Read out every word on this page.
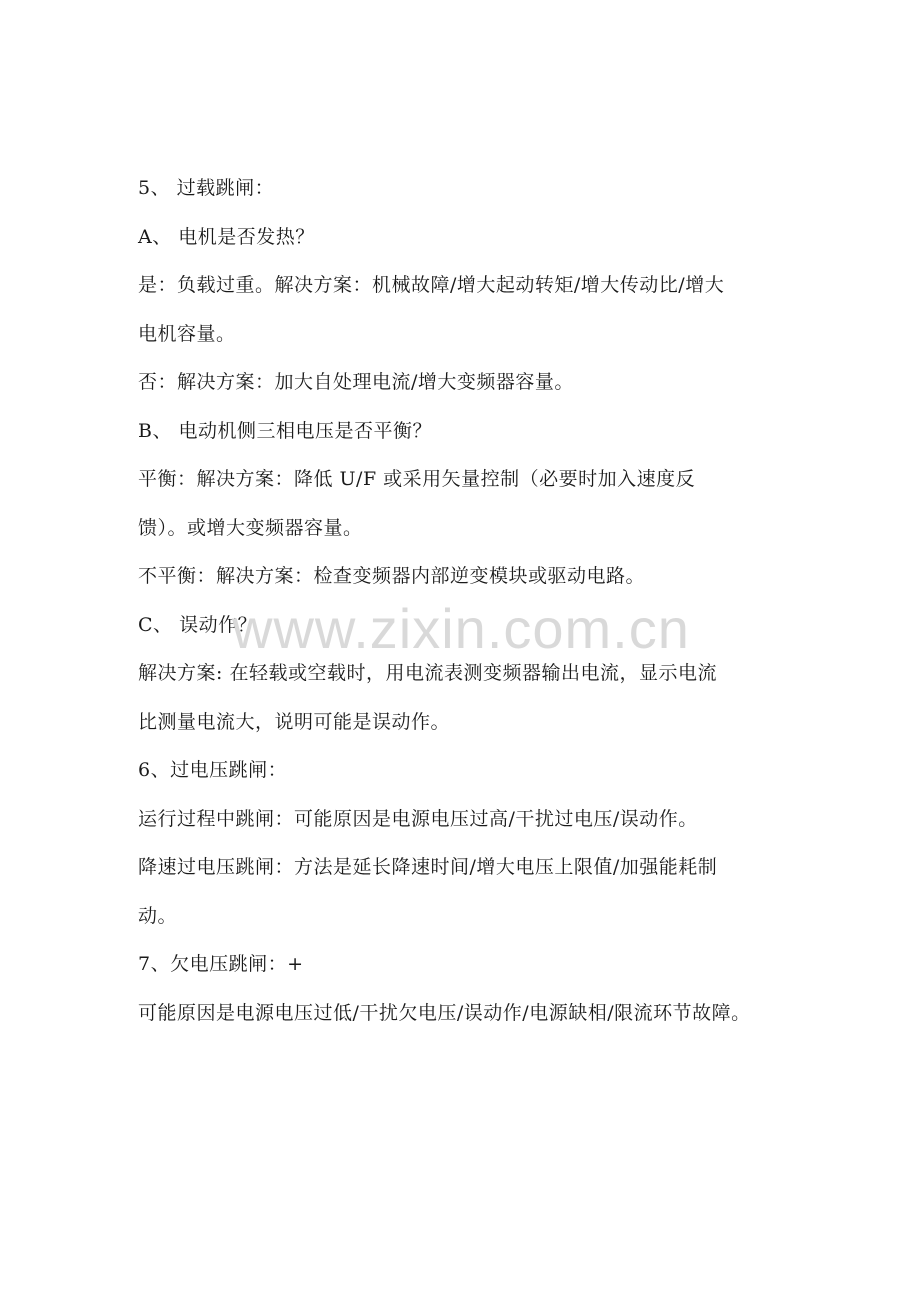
5、 过载跳闸：
A、 电机是否发热？
是：负载过重。解决方案：机械故障/增大起动转矩/增大传动比/增大
电机容量。
否：解决方案：加大自处理电流/增大变频器容量。
B、 电动机侧三相电压是否平衡？
平衡：解决方案：降低 U/F 或采用矢量控制（必要时加入速度反
馈）。或增大变频器容量。
不平衡：解决方案：检查变频器内部逆变模块或驱动电路。
C、 误动作？
解决方案: 在轻载或空载时，用电流表测变频器输出电流，显示电流
比测量电流大，说明可能是误动作。
6、过电压跳闸：
运行过程中跳闸：可能原因是电源电压过高/干扰过电压/误动作。
降速过电压跳闸：方法是延长降速时间/增大电压上限值/加强能耗制
动。
7、欠电压跳闸：+
可能原因是电源电压过低/干扰欠电压/误动作/电源缺相/限流环节故障。
www.zixin.com.cn
